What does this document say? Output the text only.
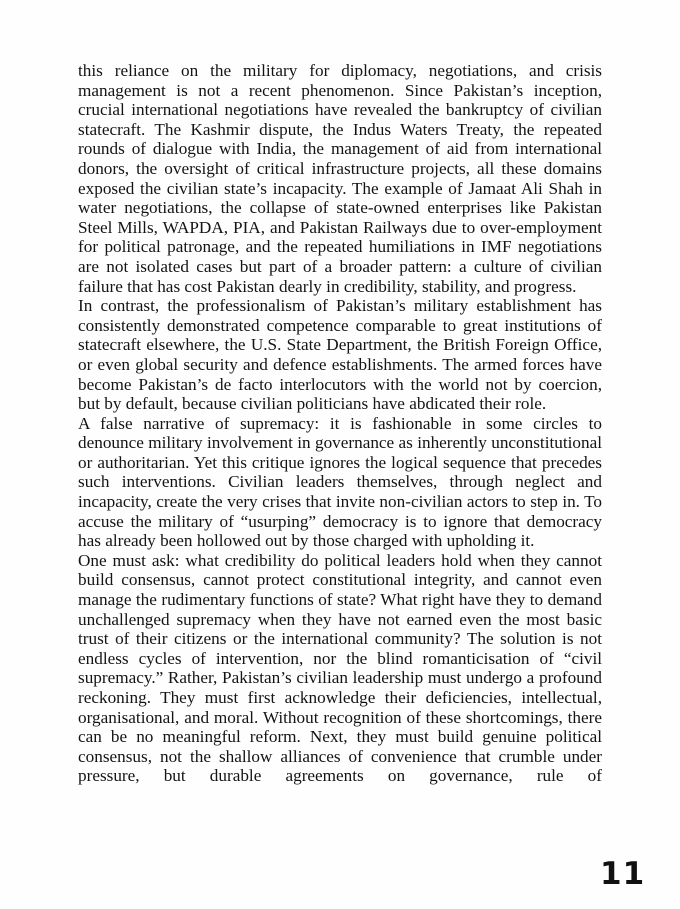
this reliance on the military for diplomacy, negotiations, and crisis management is not a recent phenomenon. Since Pakistan’s inception, crucial international negotiations have revealed the bankruptcy of civilian statecraft. The Kashmir dispute, the Indus Waters Treaty, the repeated rounds of dialogue with India, the management of aid from international donors, the oversight of critical infrastructure projects, all these domains exposed the civilian state’s incapacity. The example of Jamaat Ali Shah in water negotiations, the collapse of state-owned enterprises like Pakistan Steel Mills, WAPDA, PIA, and Pakistan Railways due to over-employment for political patronage, and the repeated humiliations in IMF negotiations are not isolated cases but part of a broader pattern: a culture of civilian failure that has cost Pakistan dearly in credibility, stability, and progress.

In contrast, the professionalism of Pakistan’s military establishment has consistently demonstrated competence comparable to great institutions of statecraft elsewhere, the U.S. State Department, the British Foreign Office, or even global security and defence establishments. The armed forces have become Pakistan’s de facto interlocutors with the world not by coercion, but by default, because civilian politicians have abdicated their role.

A false narrative of supremacy: it is fashionable in some circles to denounce military involvement in governance as inherently unconstitutional or authoritarian. Yet this critique ignores the logical sequence that precedes such interventions. Civilian leaders themselves, through neglect and incapacity, create the very crises that invite non-civilian actors to step in. To accuse the military of “usurping” democracy is to ignore that democracy has already been hollowed out by those charged with upholding it.

One must ask: what credibility do political leaders hold when they cannot build consensus, cannot protect constitutional integrity, and cannot even manage the rudimentary functions of state? What right have they to demand unchallenged supremacy when they have not earned even the most basic trust of their citizens or the international community? The solution is not endless cycles of intervention, nor the blind romanticisation of “civil supremacy.” Rather, Pakistan’s civilian leadership must undergo a profound reckoning. They must first acknowledge their deficiencies, intellectual, organisational, and moral. Without recognition of these shortcomings, there can be no meaningful reform. Next, they must build genuine political consensus, not the shallow alliances of convenience that crumble under pressure, but durable agreements on governance, rule of

11
